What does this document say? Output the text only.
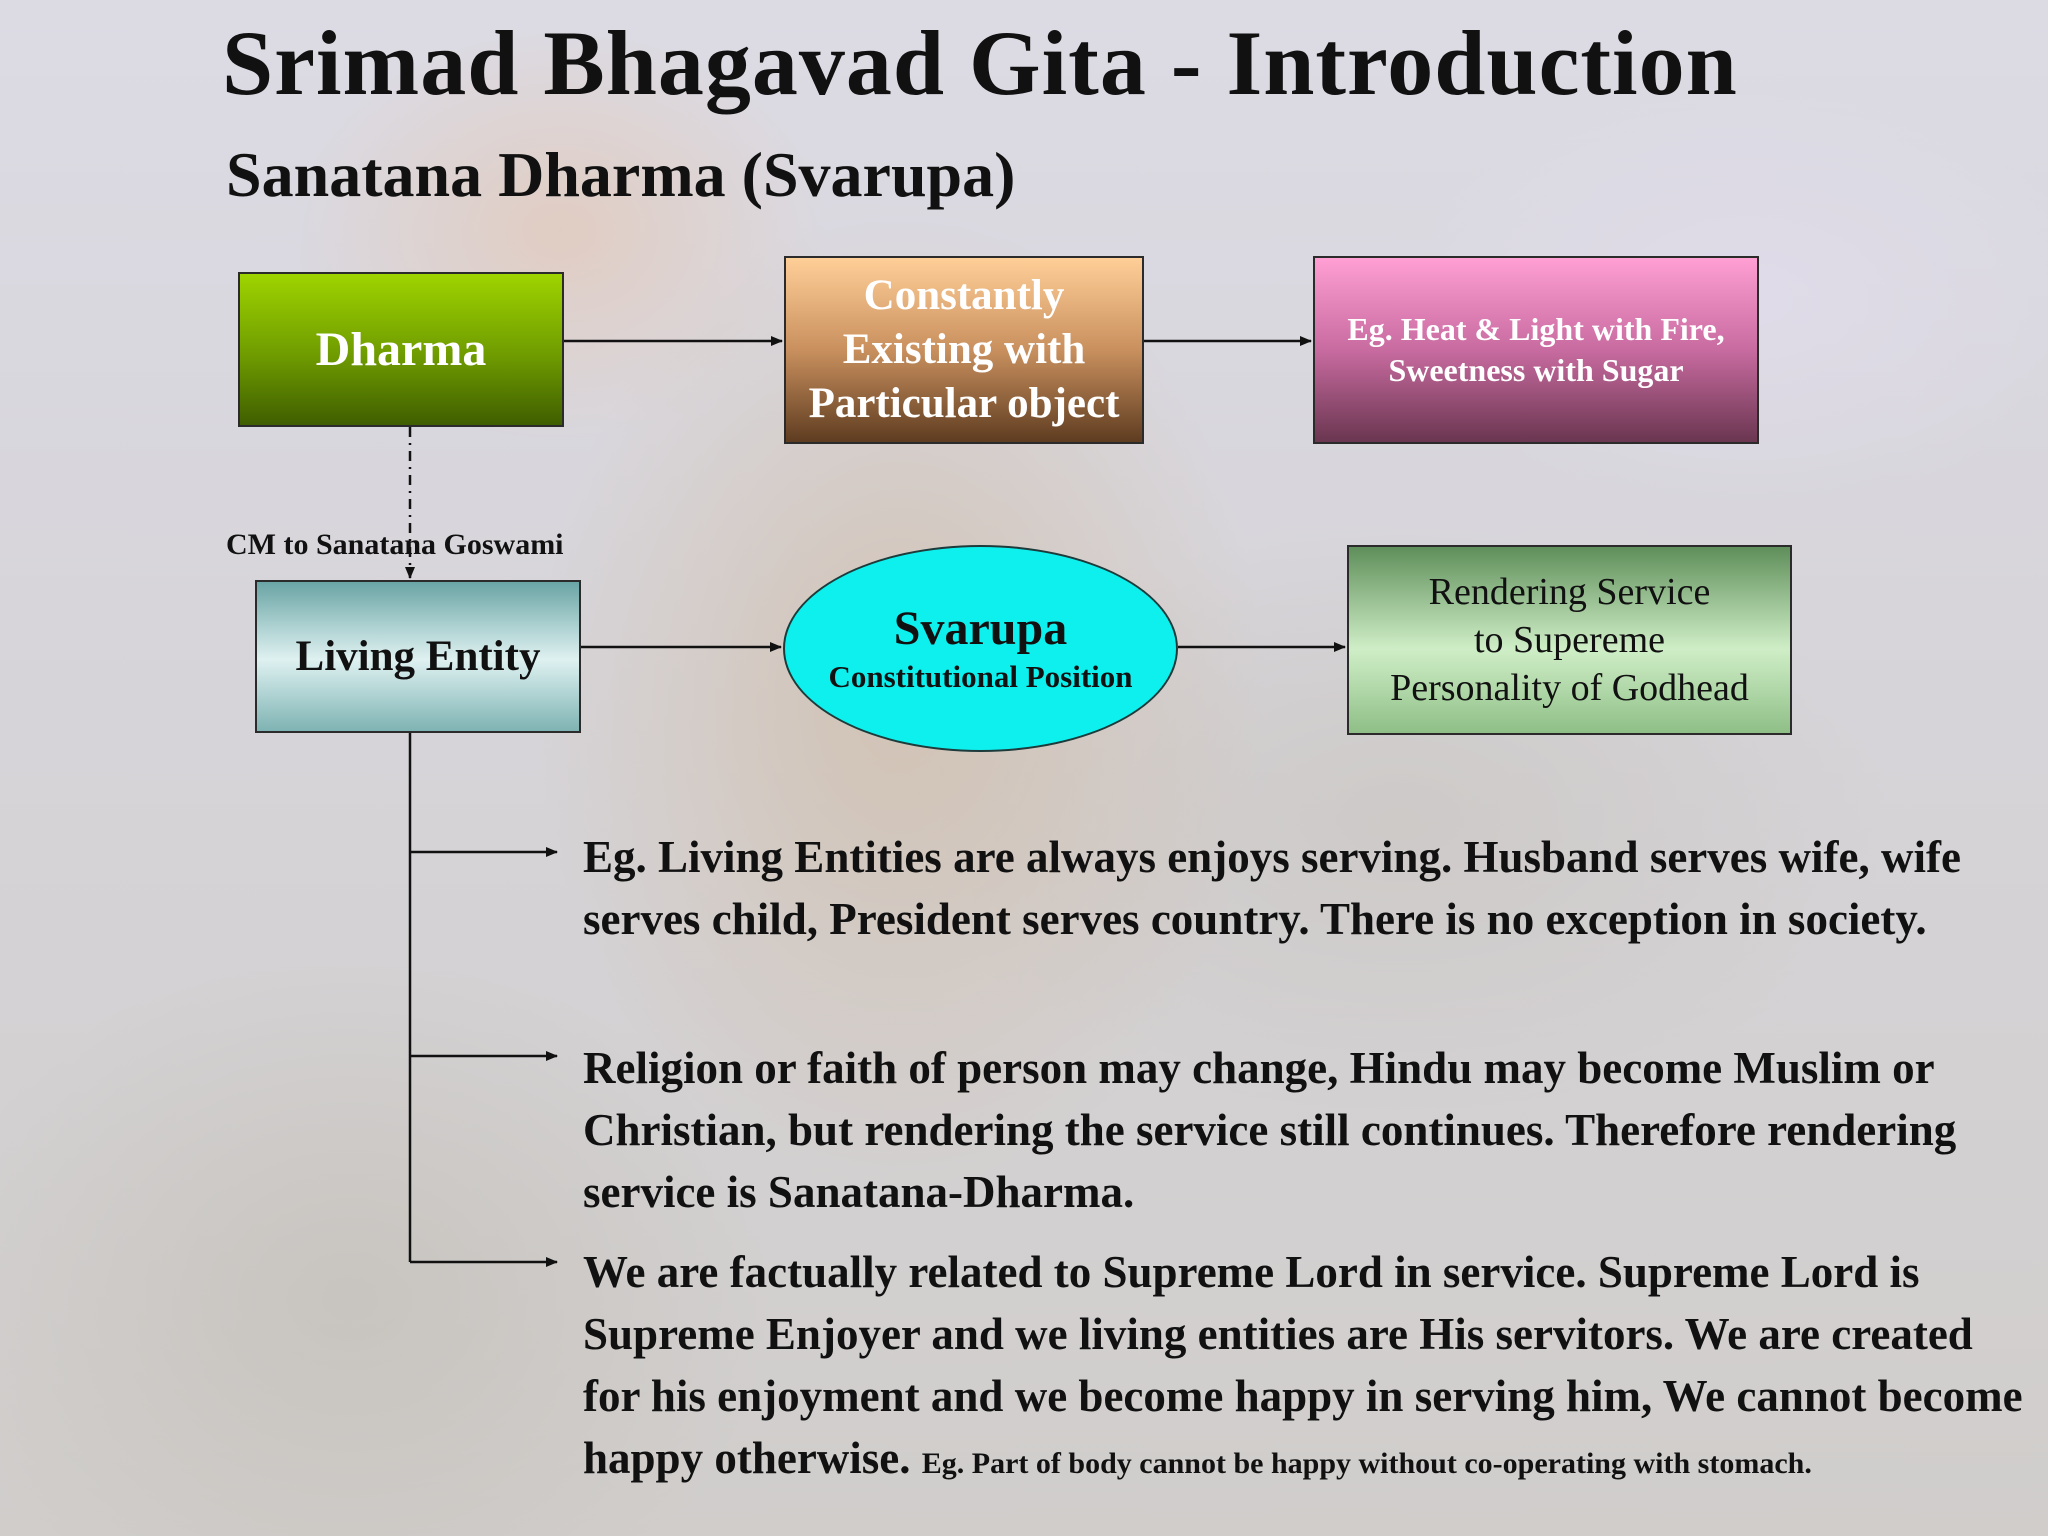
Srimad Bhagavad Gita - Introduction
Sanatana Dharma (Svarupa)
Dharma
Constantly
Existing with
Particular object
Eg. Heat & Light with Fire,
Sweetness with Sugar
CM to Sanatana Goswami
Living Entity
Svarupa
Constitutional Position
Rendering Service
to Supereme
Personality of Godhead
Eg. Living Entities are always enjoys serving. Husband serves wife, wife serves child, President serves country. There is no exception in society.
Religion or faith of person may change, Hindu may become Muslim or Christian, but rendering the service still continues. Therefore rendering service is Sanatana-Dharma.
We are factually related to Supreme Lord in service. Supreme Lord is Supreme Enjoyer and we living entities are His servitors. We are created for his enjoyment and we become happy in serving him, We cannot become happy otherwise. Eg. Part of body cannot be happy without co-operating with stomach.
